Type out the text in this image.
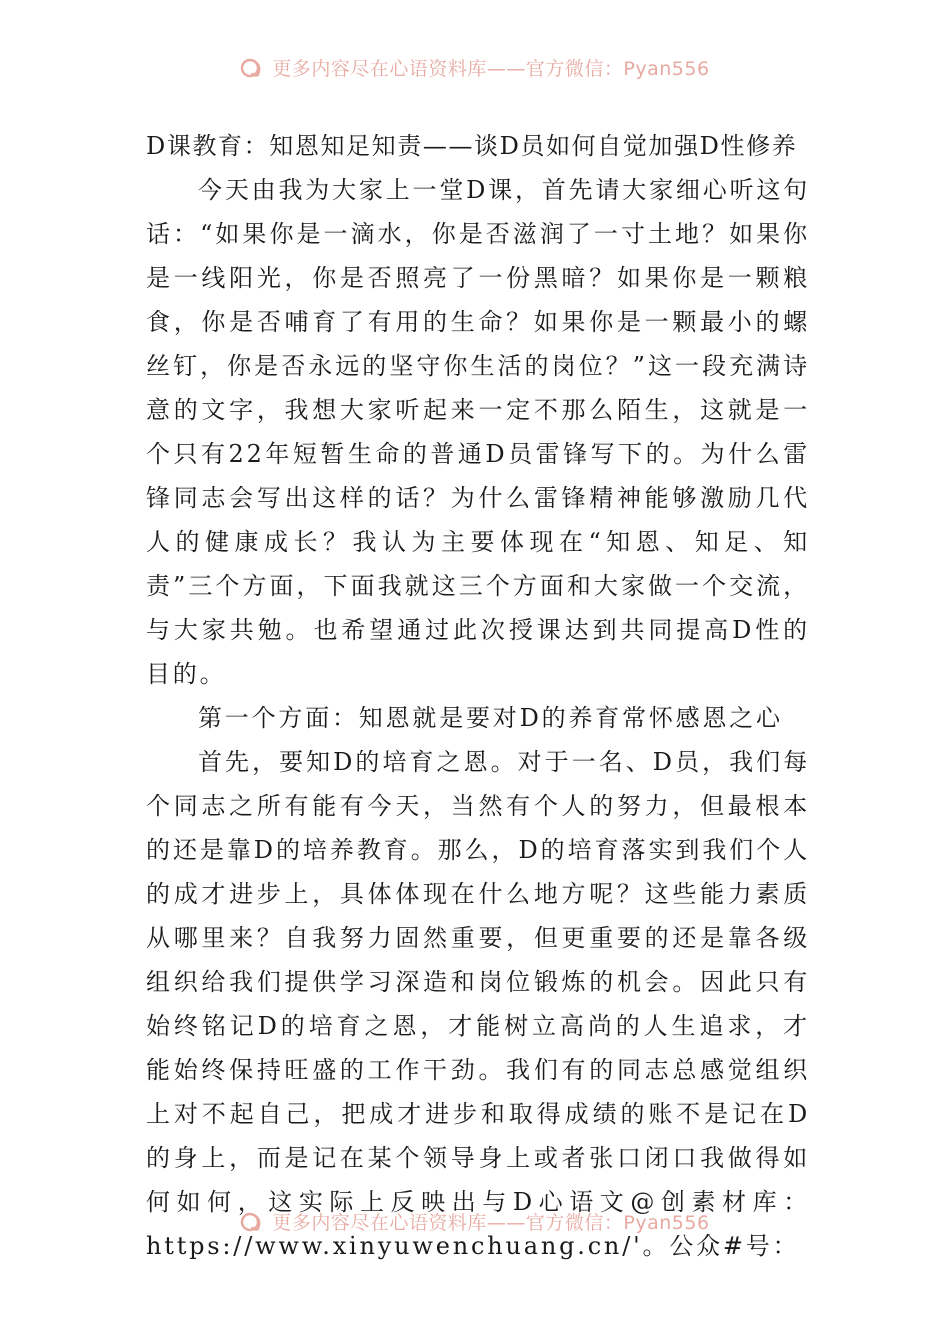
更多内容尽在心语资料库——官方微信：Pyan556

D课教育：知恩知足知责——谈D员如何自觉加强D性修养

今天由我为大家上一堂D课，首先请大家细心听这句话：“如果你是一滴水，你是否滋润了一寸土地？如果你是一线阳光，你是否照亮了一份黑暗？如果你是一颗粮食，你是否哺育了有用的生命？如果你是一颗最小的螺丝钉，你是否永远的坚守你生活的岗位？”这一段充满诗意的文字，我想大家听起来一定不那么陌生，这就是一个只有22年短暂生命的普通D员雷锋写下的。为什么雷锋同志会写出这样的话？为什么雷锋精神能够激励几代人的健康成长？我认为主要体现在“知恩、知足、知责”三个方面，下面我就这三个方面和大家做一个交流，与大家共勉。也希望通过此次授课达到共同提高D性的目的。

第一个方面：知恩就是要对D的养育常怀感恩之心

首先，要知D的培育之恩。对于一名、D员，我们每个同志之所有能有今天，当然有个人的努力，但最根本的还是靠D的培养教育。那么，D的培育落实到我们个人的成才进步上，具体体现在什么地方呢？这些能力素质从哪里来？自我努力固然重要，但更重要的还是靠各级组织给我们提供学习深造和岗位锻炼的机会。因此只有始终铭记D的培育之恩，才能树立高尚的人生追求，才能始终保持旺盛的工作干劲。我们有的同志总感觉组织上对不起自己，把成才进步和取得成绩的账不是记在D的身上，而是记在某个领导身上或者张口闭口我做得如何如何，这实际上反映出与D心语文@创素材库：https://www.xinyuwenchuang.cn/'。公众#号：

更多内容尽在心语资料库——官方微信：Pyan556
